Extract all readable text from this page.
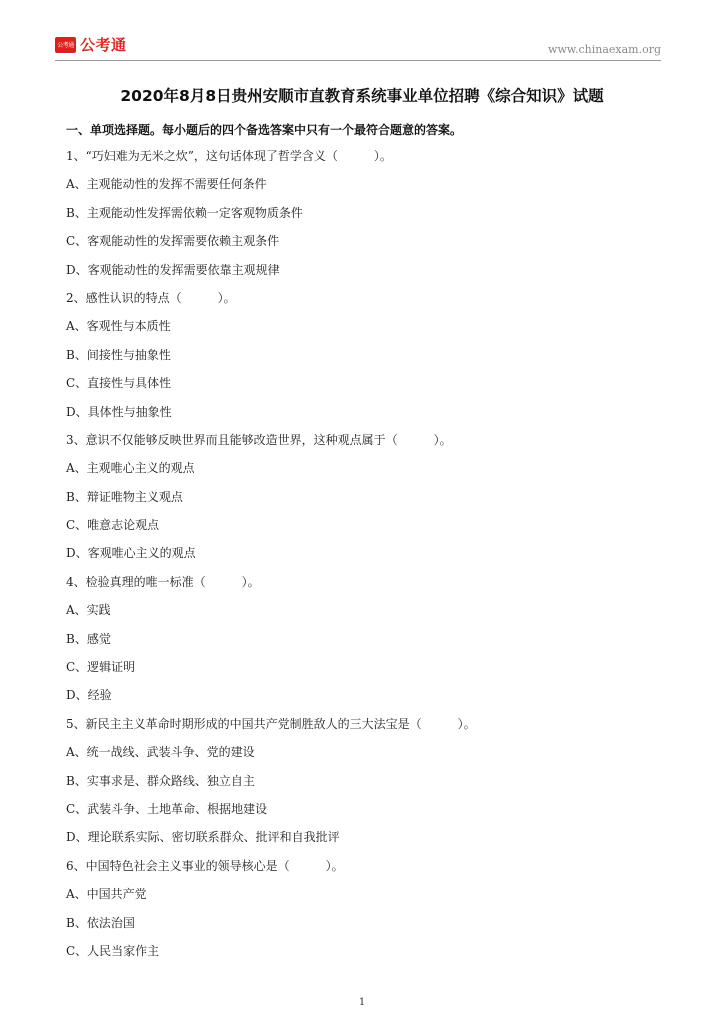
公考通 公考通	www.chinaexam.org
2020年8月8日贵州安顺市直教育系统事业单位招聘《综合知识》试题
一、单项选择题。每小题后的四个备选答案中只有一个最符合题意的答案。
1、“巧妇难为无米之炊”，这句话体现了哲学含义（　　　）。
A、主观能动性的发挥不需要任何条件
B、主观能动性发挥需依赖一定客观物质条件
C、客观能动性的发挥需要依赖主观条件
D、客观能动性的发挥需要依靠主观规律
2、感性认识的特点（　　　）。
A、客观性与本质性
B、间接性与抽象性
C、直接性与具体性
D、具体性与抽象性
3、意识不仅能够反映世界而且能够改造世界，这种观点属于（　　　）。
A、主观唯心主义的观点
B、辩证唯物主义观点
C、唯意志论观点
D、客观唯心主义的观点
4、检验真理的唯一标准（　　　）。
A、实践
B、感觉
C、逻辑证明
D、经验
5、新民主主义革命时期形成的中国共产党制胜敌人的三大法宝是（　　　）。
A、统一战线、武装斗争、党的建设
B、实事求是、群众路线、独立自主
C、武装斗争、土地革命、根据地建设
D、理论联系实际、密切联系群众、批评和自我批评
6、中国特色社会主义事业的领导核心是（　　　）。
A、中国共产党
B、依法治国
C、人民当家作主
1
